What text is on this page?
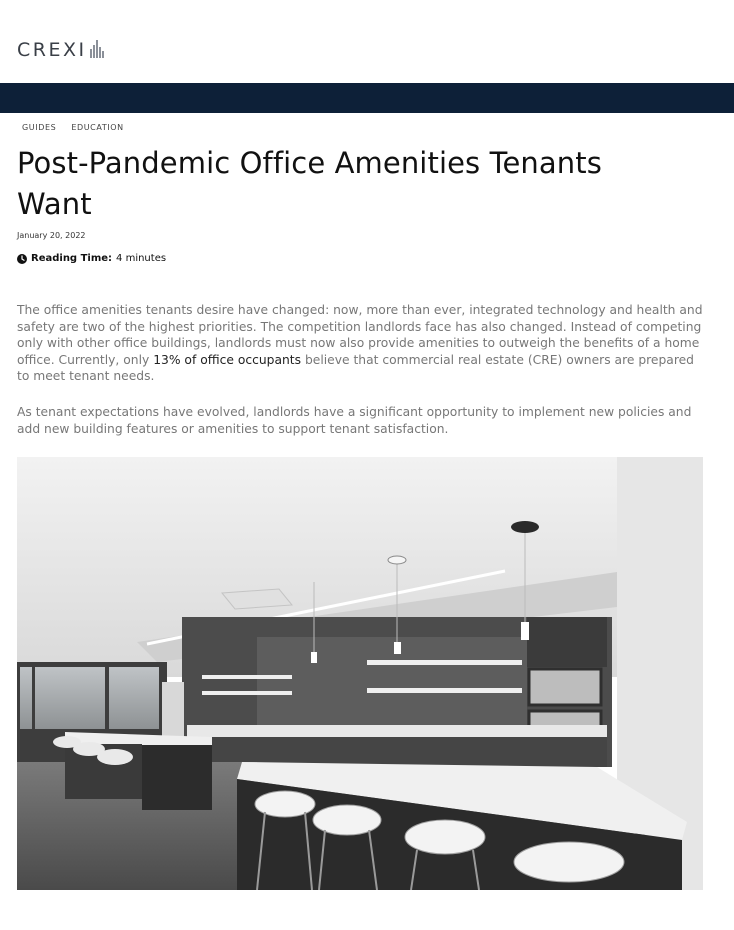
CREXI
GUIDES EDUCATION
Post-Pandemic Office Amenities Tenants Want
January 20, 2022
Reading Time: 4 minutes

The office amenities tenants desire have changed: now, more than ever, integrated technology and health and safety are two of the highest priorities. The competition landlords face has also changed. Instead of competing only with other office buildings, landlords must now also provide amenities to outweigh the benefits of a home office. Currently, only 13% of office occupants believe that commercial real estate (CRE) owners are prepared to meet tenant needs.

As tenant expectations have evolved, landlords have a significant opportunity to implement new policies and add new building features or amenities to support tenant satisfaction.
